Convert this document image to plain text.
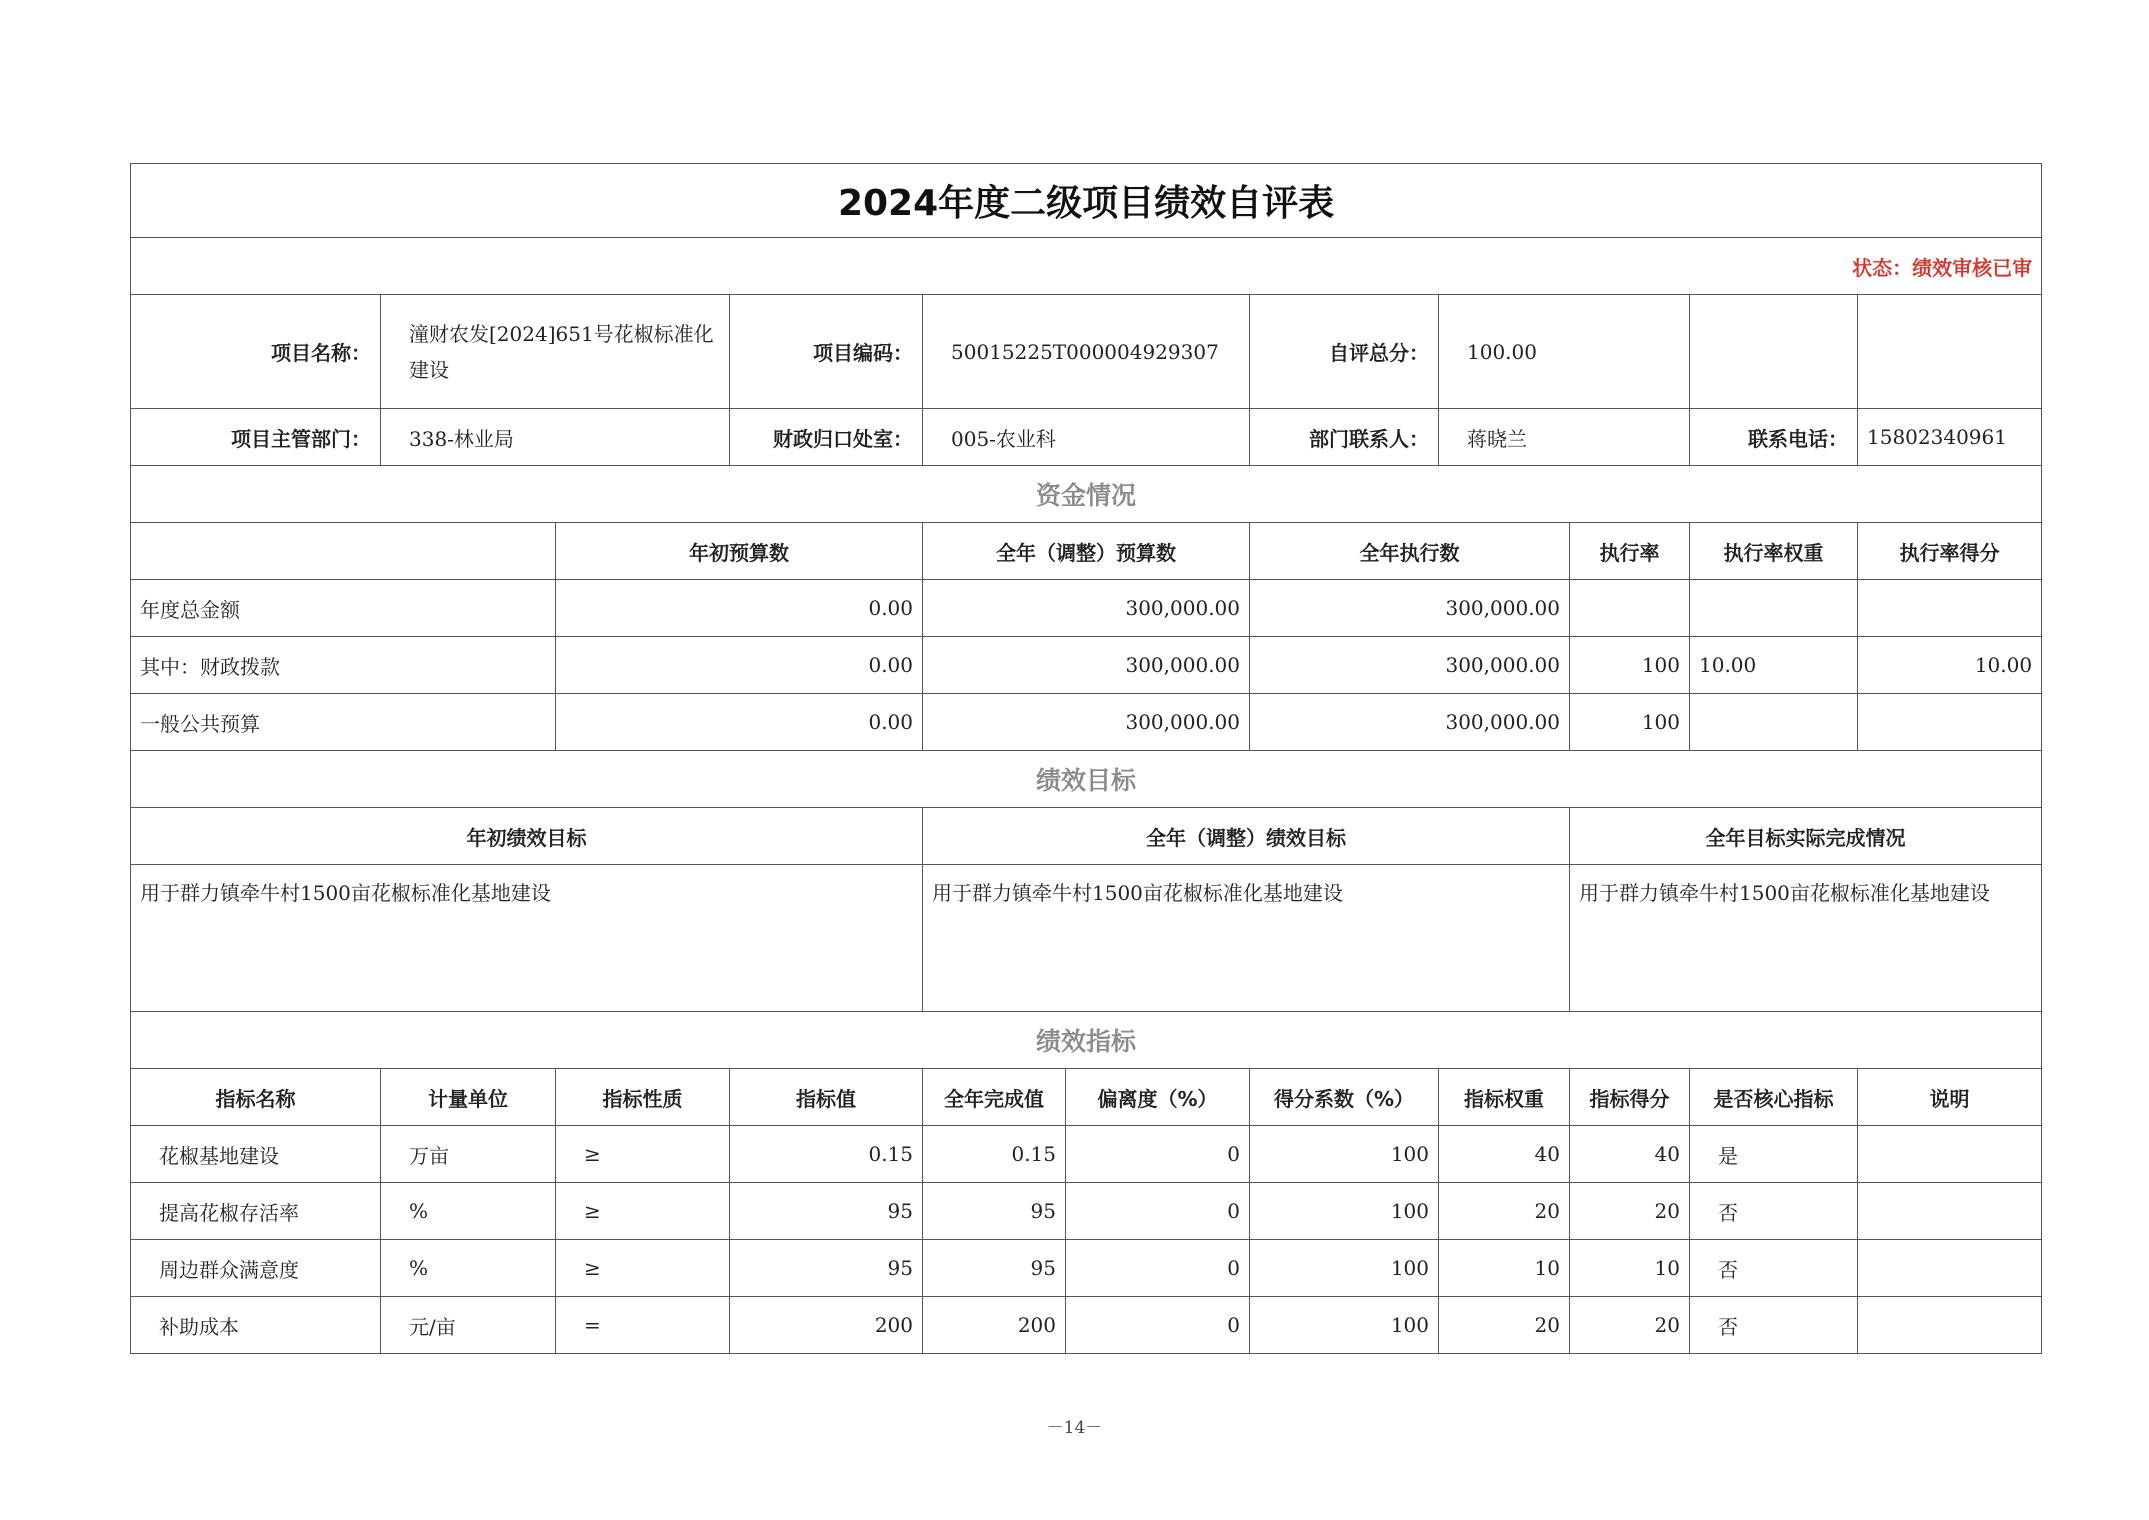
2024年度二级项目绩效自评表										
状态：绩效审核已审										
项目名称：	潼财农发[2024]651号花椒标准化建设		项目编码：	50015225T000004929307		自评总分：	100.00			
项目主管部门：	338-林业局		财政归口处室：	005-农业科		部门联系人：	蒋晓兰		联系电话：	15802340961
资金情况										
		年初预算数		全年（调整）预算数		全年执行数		执行率	执行率权重	执行率得分
年度总金额		0.00		300,000.00		300,000.00				
其中：财政拨款		0.00		300,000.00		300,000.00		100	10.00	10.00
一般公共预算		0.00		300,000.00		300,000.00		100		
绩效目标										
年初绩效目标				全年（调整）绩效目标				全年目标实际完成情况		
用于群力镇牵牛村1500亩花椒标准化基地建设				用于群力镇牵牛村1500亩花椒标准化基地建设				用于群力镇牵牛村1500亩花椒标准化基地建设		
绩效指标										
指标名称	计量单位	指标性质	指标值	全年完成值	偏离度（%）	得分系数（%）	指标权重	指标得分	是否核心指标	说明
花椒基地建设	万亩	≥	0.15	0.15	0	100	40	40	是	
提高花椒存活率	%	≥	95	95	0	100	20	20	否	
周边群众满意度	%	≥	95	95	0	100	10	10	否	
补助成本	元/亩	=	200	200	0	100	20	20	否	
－14－
